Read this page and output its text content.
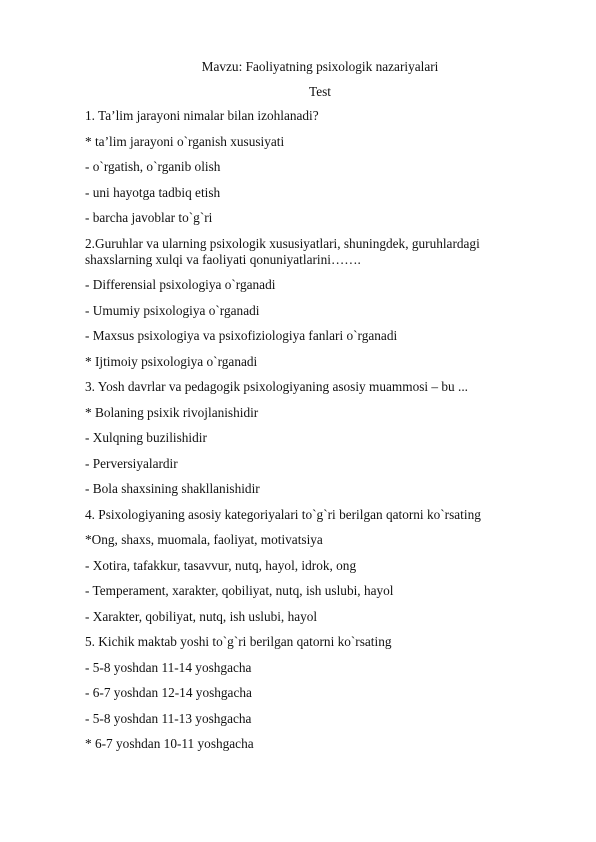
Mavzu: Faoliyatning psixologik nazariyalari

Test

1. Ta’lim jarayoni nimalar bilan izohlanadi?

* ta’lim jarayoni o`rganish xususiyati

- o`rgatish, o`rganib olish

- uni hayotga tadbiq etish

- barcha javoblar to`g`ri

2.Guruhlar va ularning psixologik xususiyatlari, shuningdek, guruhlardagi shaxslarning xulqi va faoliyati qonuniyatlarini…….

- Differensial psixologiya o`rganadi

- Umumiy psixologiya o`rganadi

- Maxsus psixologiya va psixofiziologiya fanlari o`rganadi

* Ijtimoiy psixologiya o`rganadi

3. Yosh davrlar va pedagogik psixologiyaning asosiy muammosi – bu ...

* Bolaning psixik rivojlanishidir

- Xulqning buzilishidir

- Perversiyalardir

- Bola shaxsining shakllanishidir

4. Psixologiyaning asosiy kategoriyalari to`g`ri berilgan qatorni ko`rsating

*Ong, shaxs, muomala, faoliyat, motivatsiya

- Xotira, tafakkur, tasavvur, nutq, hayol, idrok, ong

- Temperament, xarakter, qobiliyat, nutq, ish uslubi, hayol

- Xarakter, qobiliyat, nutq, ish uslubi, hayol

5. Kichik maktab yoshi to`g`ri berilgan qatorni ko`rsating

- 5-8 yoshdan 11-14 yoshgacha

- 6-7 yoshdan 12-14 yoshgacha

- 5-8 yoshdan 11-13 yoshgacha

* 6-7 yoshdan 10-11 yoshgacha
